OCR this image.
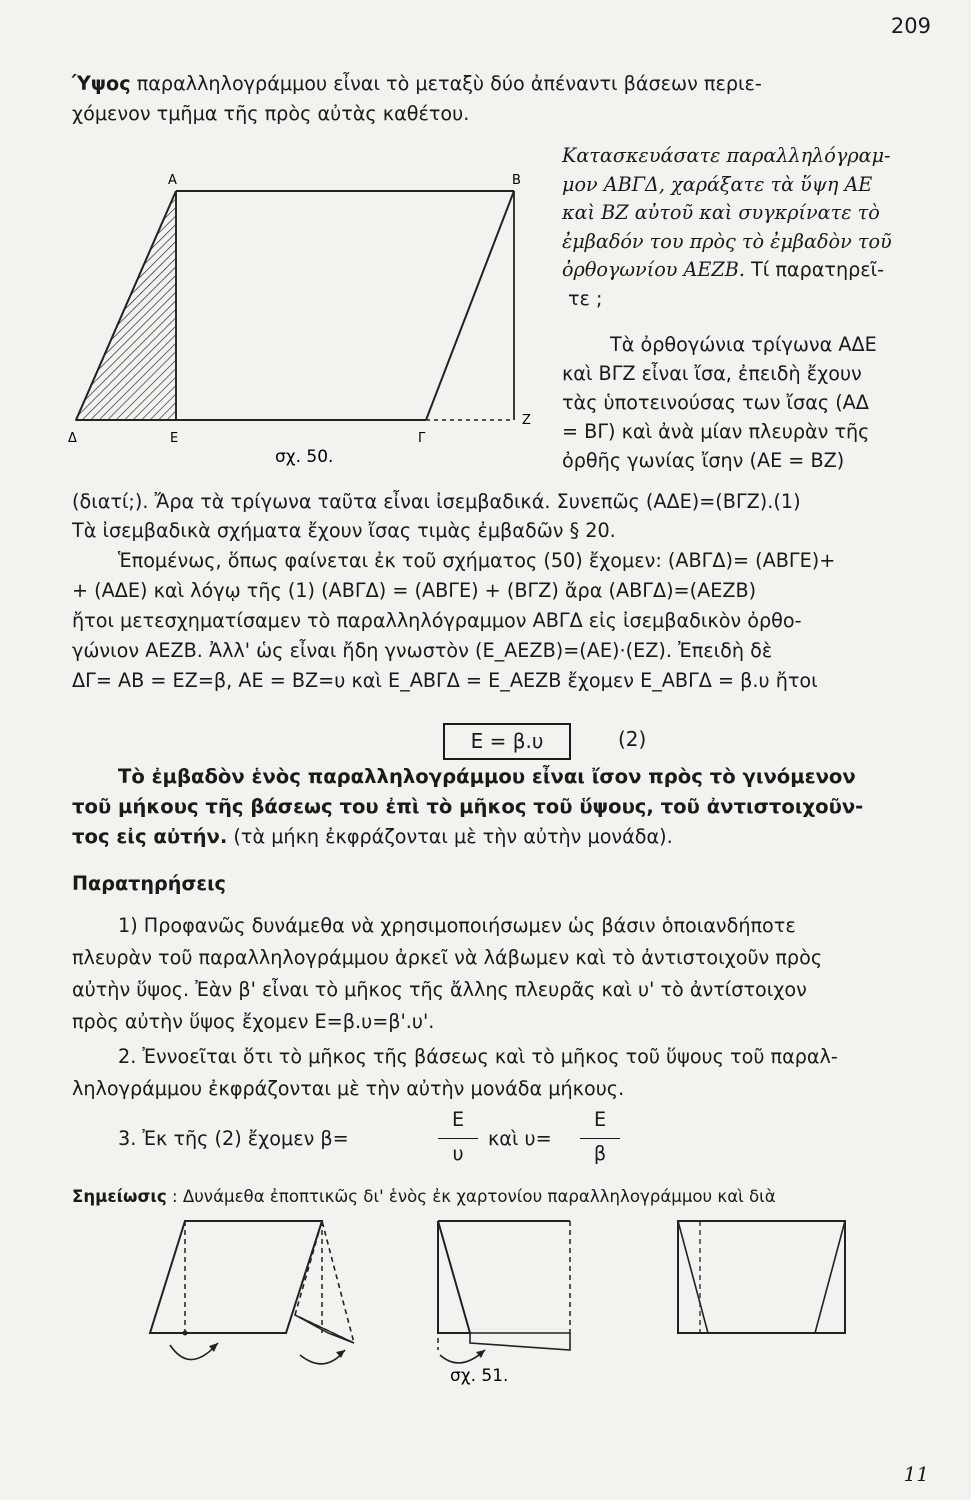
209
Ύψος παραλληλογράμμου εἶναι τὸ μεταξὺ δύο ἀπέναντι βάσεων περιε-
χόμενον τμῆμα τῆς πρὸς αὐτὰς καθέτου.
Α	Β
Δ	Ε	Γ
Z
σχ. 50.
Κατασκευάσατε παραλληλόγραμ-
μον ΑΒΓΔ, χαράξατε τὰ ὕψη ΑΕ
καὶ ΒΖ αὐτοῦ καὶ συγκρίνατε τὸ
ἐμβαδόν του πρὸς τὸ ἐμβαδὸν τοῦ
ὀρθογωνίου ΑΕΖΒ. Τί παρατηρεῖ-
τε ;
Τὰ ὀρθογώνια τρίγωνα ΑΔΕ
καὶ ΒΓΖ εἶναι ἴσα, ἐπειδὴ ἔχουν
τὰς ὑποτεινούσας των ἴσας (ΑΔ
= ΒΓ) καὶ ἀνὰ μίαν πλευρὰν τῆς
ὀρθῆς γωνίας ἴσην (ΑΕ = ΒΖ)
(διατί;). Ἄρα τὰ τρίγωνα ταῦτα εἶναι ἰσεμβαδικά. Συνεπῶς (ΑΔΕ)=(ΒΓΖ).(1)
Τὰ ἰσεμβαδικὰ σχήματα ἔχουν ἴσας τιμὰς ἐμβαδῶν § 20.
Ἑπομένως, ὅπως φαίνεται ἐκ τοῦ σχήματος (50) ἔχομεν: (ΑΒΓΔ)= (ΑΒΓΕ)+
+ (ΑΔΕ) καὶ λόγῳ τῆς (1) (ΑΒΓΔ) = (ΑΒΓΕ) + (ΒΓΖ) ἄρα (ΑΒΓΔ)=(ΑΕΖΒ)
ἤτοι μετεσχηματίσαμεν τὸ παραλληλόγραμμον ΑΒΓΔ εἰς ἰσεμβαδικὸν ὀρθο-
γώνιον ΑΕΖΒ. Ἀλλ' ὡς εἶναι ἤδη γνωστὸν (Ε_ΑΕΖΒ)=(ΑΕ)·(ΕΖ). Ἐπειδὴ δὲ
ΔΓ= ΑΒ = ΕΖ=β, ΑΕ = ΒΖ=υ καὶ Ε_ΑΒΓΔ = Ε_ΑΕΖΒ ἔχομεν Ε_ΑΒΓΔ = β.υ ἤτοι
Ε = β.υ	(2)
Τὸ ἐμβαδὸν ἑνὸς παραλληλογράμμου εἶναι ἴσον πρὸς τὸ γινόμενον
τοῦ μήκους τῆς βάσεως του ἐπὶ τὸ μῆκος τοῦ ὕψους, τοῦ ἀντιστοιχοῦν-
τος εἰς αὐτήν. (τὰ μήκη ἐκφράζονται μὲ τὴν αὐτὴν μονάδα).
Παρατηρήσεις
1) Προφανῶς δυνάμεθα νὰ χρησιμοποιήσωμεν ὡς βάσιν ὁποιανδήποτε
πλευρὰν τοῦ παραλληλογράμμου ἀρκεῖ νὰ λάβωμεν καὶ τὸ ἀντιστοιχοῦν πρὸς
αὐτὴν ὕψος. Ἐὰν β' εἶναι τὸ μῆκος τῆς ἄλλης πλευρᾶς καὶ υ' τὸ ἀντίστοιχον
πρὸς αὐτὴν ὕψος ἔχομεν Ε=β.υ=β'.υ'.
2. Ἐννοεῖται ὅτι τὸ μῆκος τῆς βάσεως καὶ τὸ μῆκος τοῦ ὕψους τοῦ παραλ-
ληλογράμμου ἐκφράζονται μὲ τὴν αὐτὴν μονάδα μήκους.
3. Ἐκ τῆς (2) ἔχομεν β=
Ε
υ
καὶ υ=
Ε
β
Σημείωσις : Δυνάμεθα ἐποπτικῶς δι' ἑνὸς ἐκ χαρτονίου παραλληλογράμμου καὶ διὰ
σχ. 51.
11
